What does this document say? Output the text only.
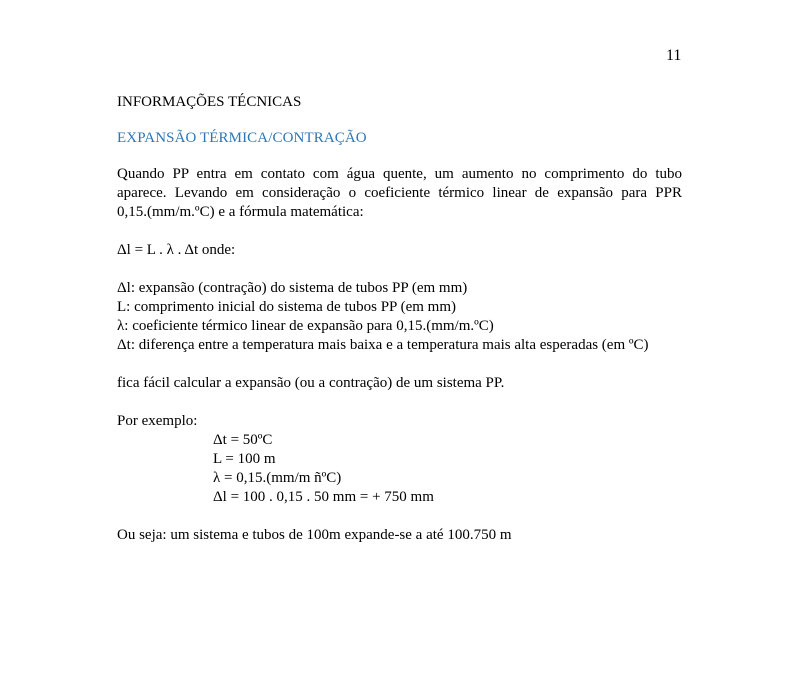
11
INFORMAÇÕES TÉCNICAS
EXPANSÃO TÉRMICA/CONTRAÇÃO
Quando PP entra em contato com água quente, um aumento no comprimento do tubo
aparece. Levando em consideração o coeficiente térmico linear de expansão para PPR
0,15.(mm/m.ºC) e a fórmula matemática:
Δl = L . λ . Δt onde:
Δl: expansão (contração) do sistema de tubos PP (em mm)
L: comprimento inicial do sistema de tubos PP (em mm)
λ: coeficiente térmico linear de expansão para 0,15.(mm/m.ºC)
Δt: diferença entre a temperatura mais baixa e a temperatura mais alta esperadas (em ºC)
fica fácil calcular a expansão (ou a contração) de um sistema PP.
Por exemplo:
Δt = 50ºC
L = 100 m
λ = 0,15.(mm/m ñºC)
Δl = 100 . 0,15 . 50 mm = + 750 mm
Ou seja: um sistema e tubos de 100m expande-se a até 100.750 m
